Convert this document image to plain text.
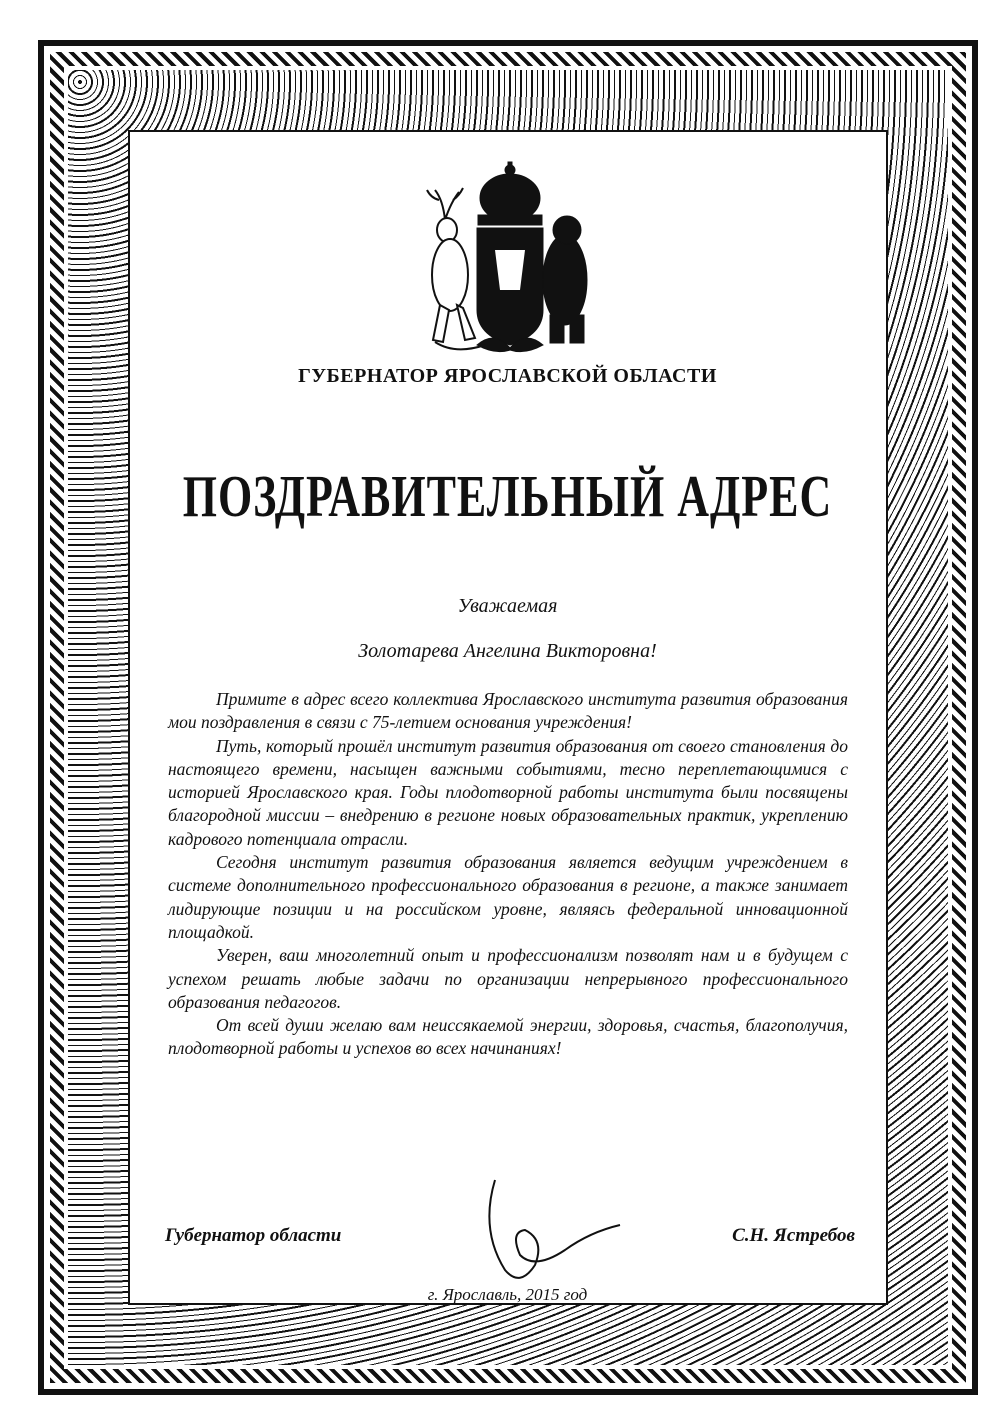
ГУБЕРНАТОР ЯРОСЛАВСКОЙ ОБЛАСТИ
ПОЗДРАВИТЕЛЬНЫЙ АДРЕС
Уважаемая
Золотарева Ангелина Викторовна!

Примите в адрес всего коллектива Ярославского института развития образования мои поздравления в связи с 75-летием основания учреждения!

Путь, который прошёл институт развития образования от своего становления до настоящего времени, насыщен важными событиями, тесно переплетающимися с историей Ярославского края. Годы плодотворной работы института были посвящены благородной миссии – внедрению в регионе новых образовательных практик, укреплению кадрового потенциала отрасли.

Сегодня институт развития образования является ведущим учреждением в системе дополнительного профессионального образования в регионе, а также занимает лидирующие позиции и на российском уровне, являясь федеральной инновационной площадкой.

Уверен, ваш многолетний опыт и профессионализм позволят нам и в будущем с успехом решать любые задачи по организации непрерывного профессионального образования педагогов.

От всей души желаю вам неиссякаемой энергии, здоровья, счастья, благополучия, плодотворной работы и успехов во всех начинаниях!

Губернатор области	С.Н. Ястребов
г. Ярославль, 2015 год
